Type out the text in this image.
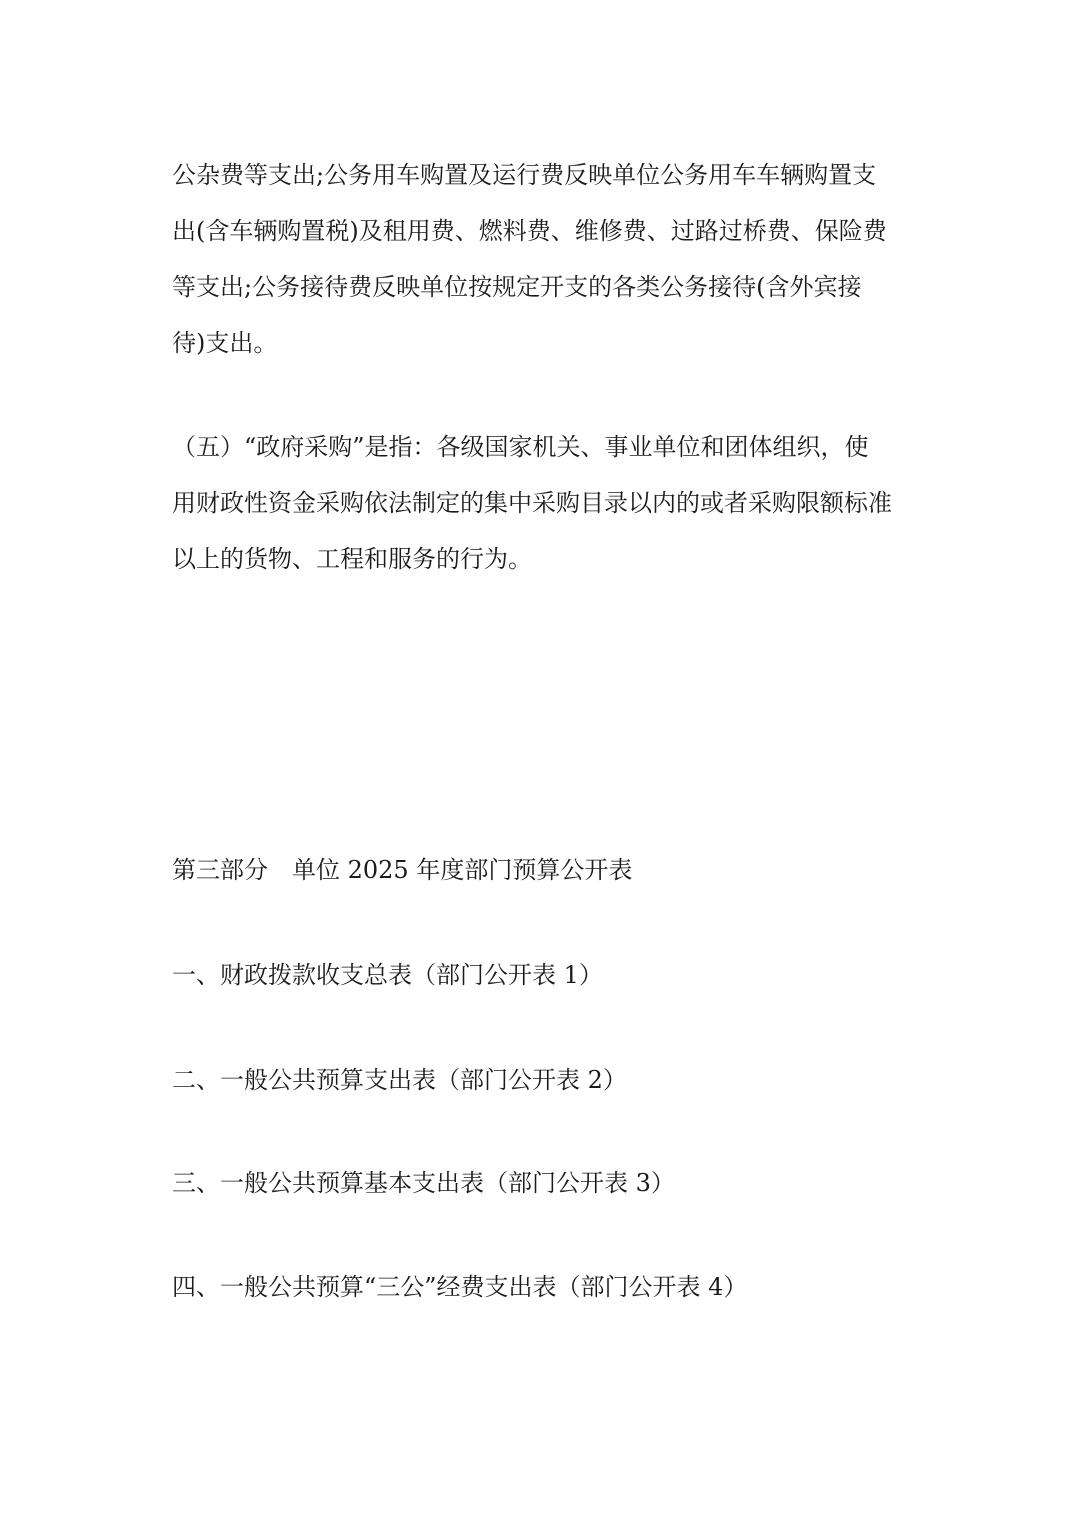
公杂费等支出;公务用车购置及运行费反映单位公务用车车辆购置支
出(含车辆购置税)及租用费、燃料费、维修费、过路过桥费、保险费
等支出;公务接待费反映单位按规定开支的各类公务接待(含外宾接
待)支出。
（五）“政府采购”是指：各级国家机关、事业单位和团体组织，使
用财政性资金采购依法制定的集中采购目录以内的或者采购限额标准
以上的货物、工程和服务的行为。
第三部分　单位 2025 年度部门预算公开表
一、财政拨款收支总表（部门公开表 1）
二、一般公共预算支出表（部门公开表 2）
三、一般公共预算基本支出表（部门公开表 3）
四、一般公共预算“三公”经费支出表（部门公开表 4）
